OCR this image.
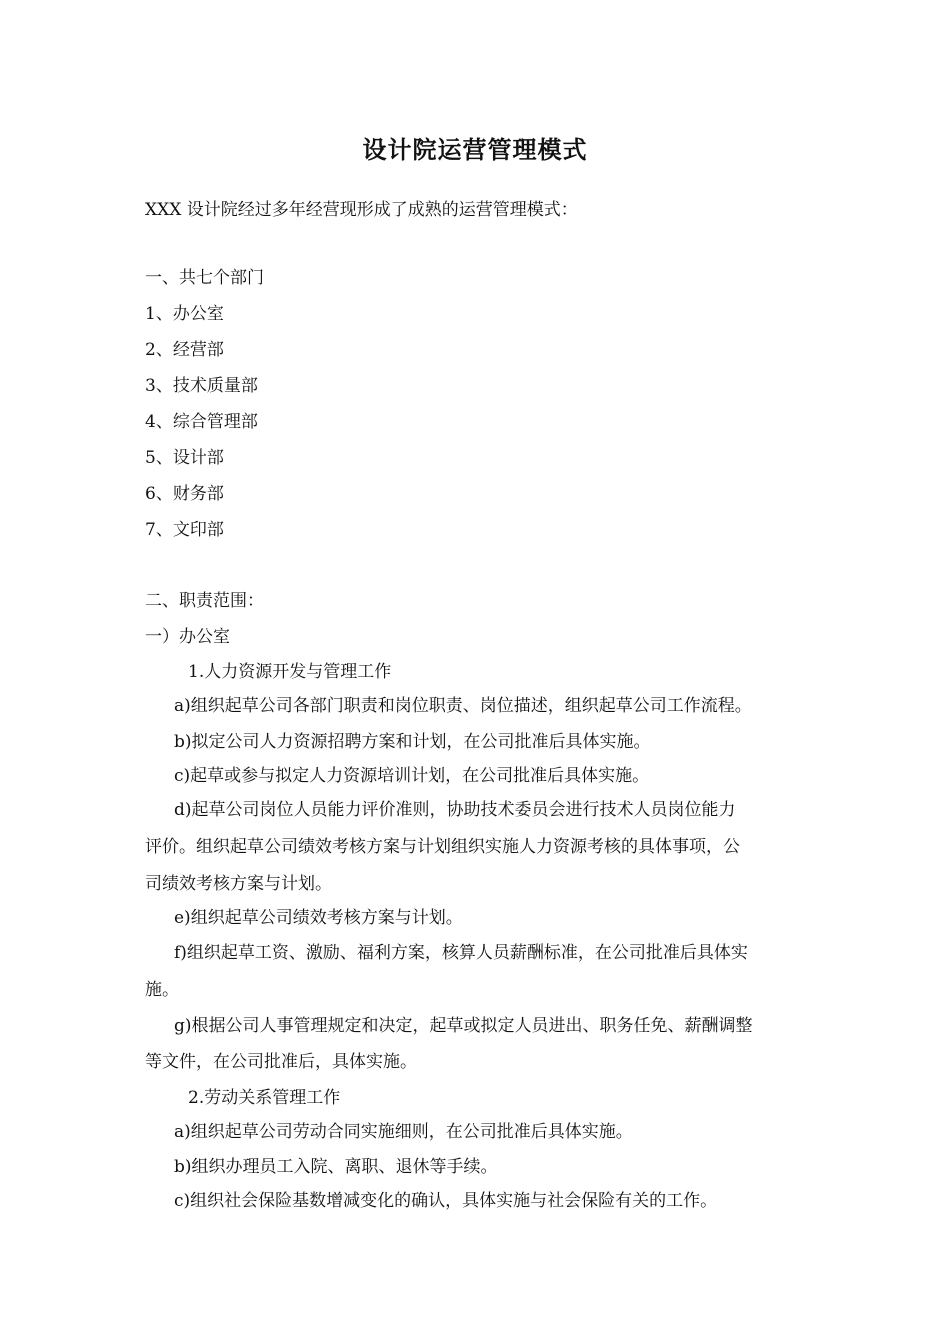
设计院运营管理模式
XXX 设计院经过多年经营现形成了成熟的运营管理模式：
一、共七个部门
1、办公室
2、经营部
3、技术质量部
4、综合管理部
5、设计部
6、财务部
7、文印部
二、职责范围：
一）办公室
1.人力资源开发与管理工作
a)组织起草公司各部门职责和岗位职责、岗位描述，组织起草公司工作流程。
b)拟定公司人力资源招聘方案和计划，在公司批准后具体实施。
c)起草或参与拟定人力资源培训计划，在公司批准后具体实施。
d)起草公司岗位人员能力评价准则，协助技术委员会进行技术人员岗位能力
评价。组织起草公司绩效考核方案与计划组织实施人力资源考核的具体事项，公
司绩效考核方案与计划。
e)组织起草公司绩效考核方案与计划。
f)组织起草工资、激励、福利方案，核算人员薪酬标准，在公司批准后具体实
施。
g)根据公司人事管理规定和决定，起草或拟定人员进出、职务任免、薪酬调整
等文件，在公司批准后，具体实施。
2.劳动关系管理工作
a)组织起草公司劳动合同实施细则，在公司批准后具体实施。
b)组织办理员工入院、离职、退休等手续。
c)组织社会保险基数增减变化的确认，具体实施与社会保险有关的工作。
